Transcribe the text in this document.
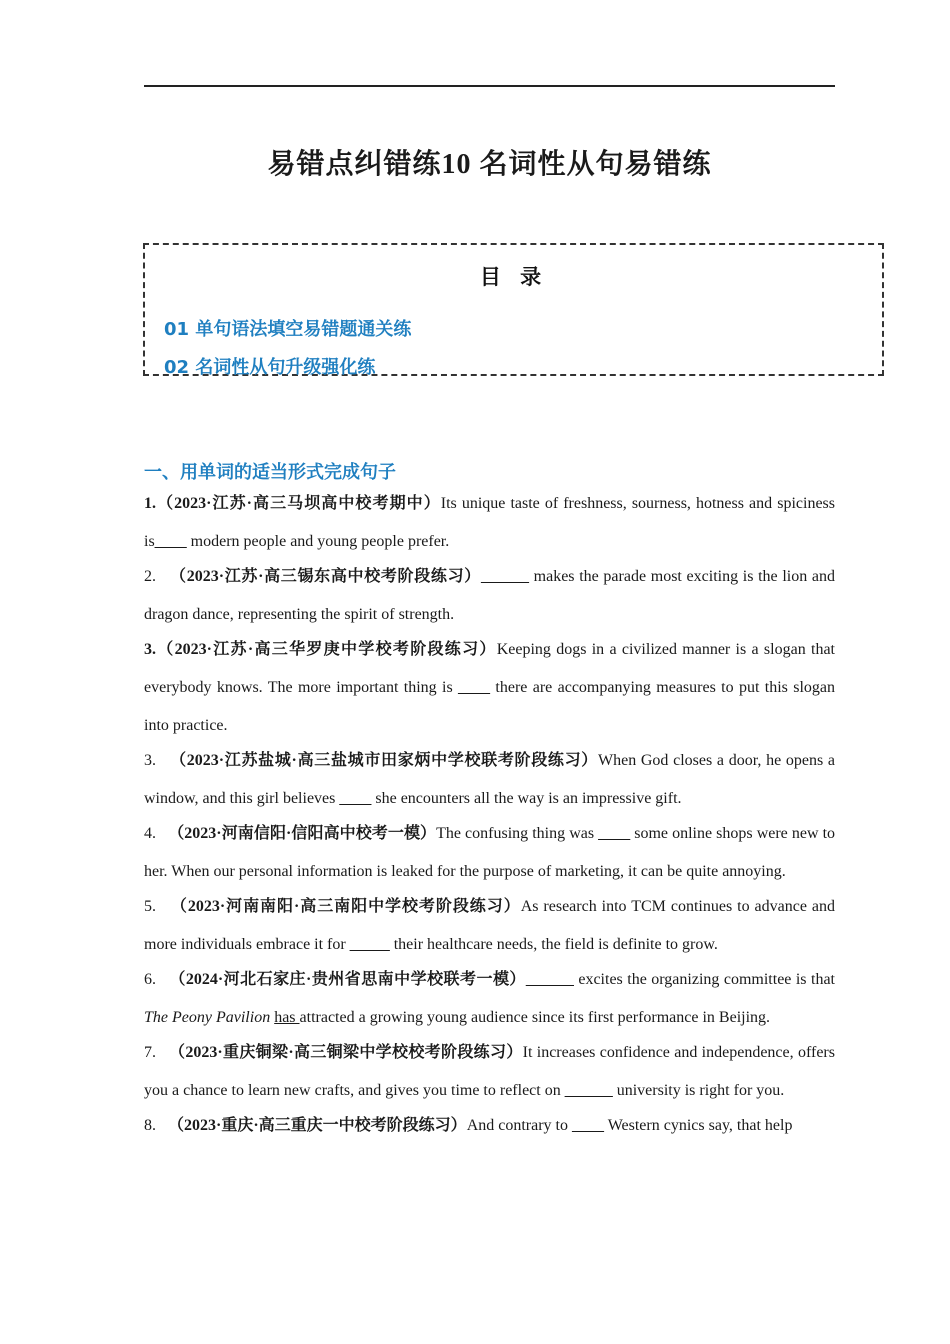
易错点纠错练10 名词性从句易错练
目 录
01 单句语法填空易错题通关练
02 名词性从句升级强化练
一、用单词的适当形式完成句子
1.（2023·江苏·高三马坝高中校考期中）Its unique taste of freshness, sourness, hotness and spiciness is____ modern people and young people prefer.
2. （2023·江苏·高三锡东高中校考阶段练习）______ makes the parade most exciting is the lion and dragon dance, representing the spirit of strength.
3.（2023·江苏·高三华罗庚中学校考阶段练习）Keeping dogs in a civilized manner is a slogan that everybody knows. The more important thing is ____ there are accompanying measures to put this slogan into practice.
3. （2023·江苏盐城·高三盐城市田家炳中学校联考阶段练习）When God closes a door, he opens a window, and this girl believes ____ she encounters all the way is an impressive gift.
4. （2023·河南信阳·信阳高中校考一模）The confusing thing was ____ some online shops were new to her. When our personal information is leaked for the purpose of marketing, it can be quite annoying.
5. （2023·河南南阳·高三南阳中学校考阶段练习）As research into TCM continues to advance and more individuals embrace it for _____ their healthcare needs, the field is definite to grow.
6. （2024·河北石家庄·贵州省思南中学校联考一模）______ excites the organizing committee is that The Peony Pavilion has attracted a growing young audience since its first performance in Beijing.
7. （2023·重庆铜梁·高三铜梁中学校校考阶段练习）It increases confidence and independence, offers you a chance to learn new crafts, and gives you time to reflect on ______ university is right for you.
8. （2023·重庆·高三重庆一中校考阶段练习）And contrary to ____ Western cynics say, that help
